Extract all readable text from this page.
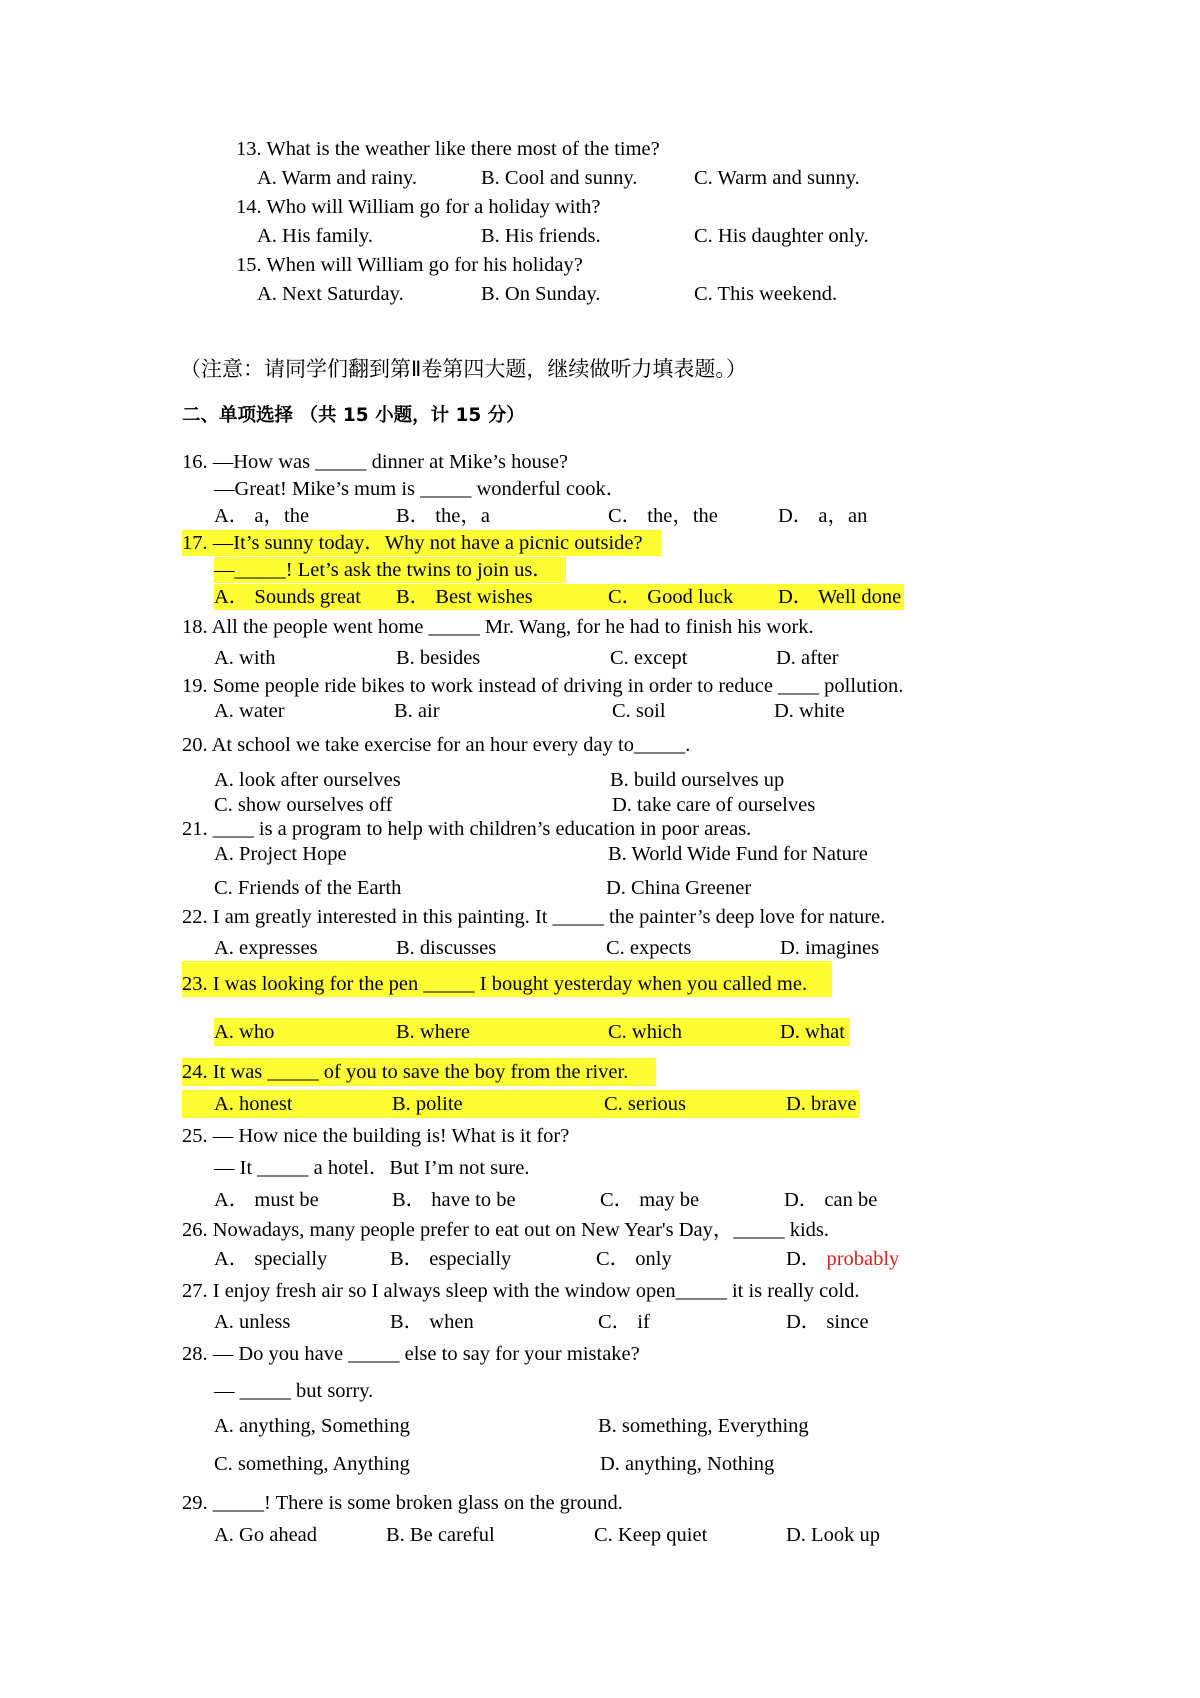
13. What is the weather like there most of the time?
A. Warm and rainy.	B. Cool and sunny.	C. Warm and sunny.
14. Who will William go for a holiday with?
A. His family.	B. His friends.	C. His daughter only.
15. When will William go for his holiday?
A. Next Saturday.	B. On Sunday.	C. This weekend.
（注意：请同学们翻到第Ⅱ卷第四大题，继续做听力填表题。）
二、单项选择 （共 15 小题，计 15 分）
16. —How was _____ dinner at Mike’s house?
—Great! Mike’s mum is _____ wonderful cook．
A． a，the	B． the，a	C． the，the	D． a，an
17. —It’s sunny today．Why not have a picnic outside?
—_____! Let’s ask the twins to join us．
A． Sounds great B． Best wishes	C． Good luck D． Well done
18. All the people went home _____ Mr. Wang, for he had to finish his work.
A. with	B. besides	C. except	D. after
19. Some people ride bikes to work instead of driving in order to reduce ____ pollution.
A. water	B. air	C. soil	D. white
20. At school we take exercise for an hour every day to_____.
A. look after ourselves	B. build ourselves up
C. show ourselves off	D. take care of ourselves
21. ____ is a program to help with children’s education in poor areas.
A. Project Hope	B. World Wide Fund for Nature
C. Friends of the Earth	D. China Greener
22. I am greatly interested in this painting. It _____ the painter’s deep love for nature.
A. expresses	B. discusses	C. expects	D. imagines
23. I was looking for the pen _____ I bought yesterday when you called me.
A. who	B. where	C. which	D. what
24. It was _____ of you to save the boy from the river.
A. honest	B. polite	C. serious	D. brave
25. — How nice the building is! What is it for?
— It _____ a hotel．But I’m not sure.
A． must be	B． have to be	C． may be	D． can be
26. Nowadays, many people prefer to eat out on New Year's Day，_____ kids.
A． specially	B． especially	C． only	D． probably
27. I enjoy fresh air so I always sleep with the window open_____ it is really cold.
A. unless	B． when	C． if	D． since
28. — Do you have _____ else to say for your mistake?
— _____ but sorry.
A. anything, Something	B. something, Everything
C. something, Anything	D. anything, Nothing
29. _____! There is some broken glass on the ground.
A. Go ahead	B. Be careful	C. Keep quiet	D. Look up
